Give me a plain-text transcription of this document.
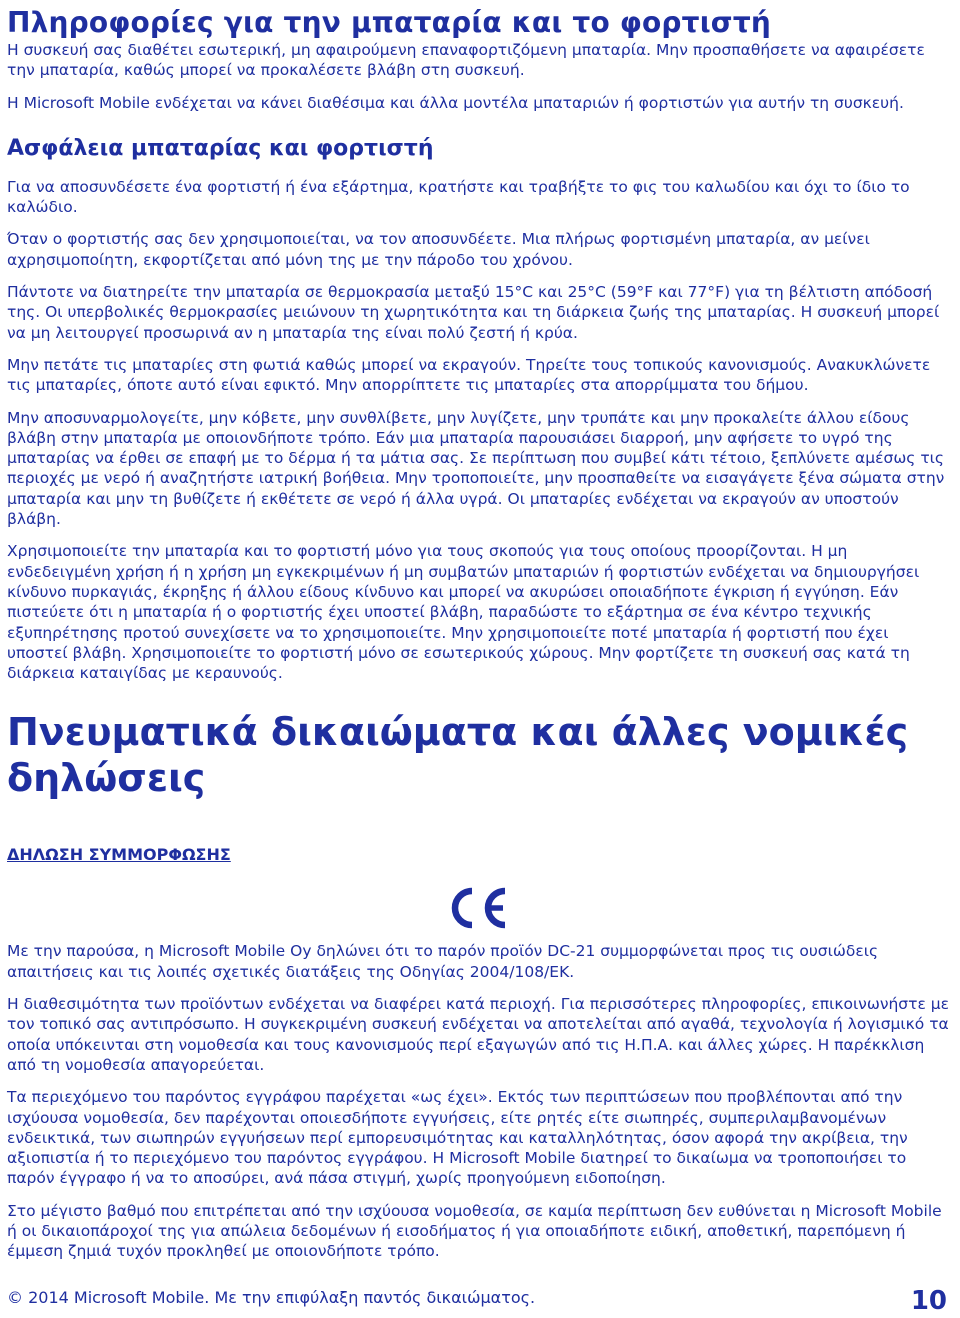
Πληροφορίες για την μπαταρία και το φορτιστή

Η συσκευή σας διαθέτει εσωτερική, μη αφαιρούμενη επαναφορτιζόμενη μπαταρία. Μην προσπαθήσετε να αφαιρέσετε την μπαταρία, καθώς μπορεί να προκαλέσετε βλάβη στη συσκευή.

Η Microsoft Mobile ενδέχεται να κάνει διαθέσιμα και άλλα μοντέλα μπαταριών ή φορτιστών για αυτήν τη συσκευή.

Ασφάλεια μπαταρίας και φορτιστή

Για να αποσυνδέσετε ένα φορτιστή ή ένα εξάρτημα, κρατήστε και τραβήξτε το φις του καλωδίου και όχι το ίδιο το καλώδιο.

Όταν ο φορτιστής σας δεν χρησιμοποιείται, να τον αποσυνδέετε. Μια πλήρως φορτισμένη μπαταρία, αν μείνει αχρησιμοποίητη, εκφορτίζεται από μόνη της με την πάροδο του χρόνου.

Πάντοτε να διατηρείτε την μπαταρία σε θερμοκρασία μεταξύ 15°C και 25°C (59°F και 77°F) για τη βέλτιστη απόδοσή της. Οι υπερβολικές θερμοκρασίες μειώνουν τη χωρητικότητα και τη διάρκεια ζωής της μπαταρίας. Η συσκευή μπορεί να μη λειτουργεί προσωρινά αν η μπαταρία της είναι πολύ ζεστή ή κρύα.

Μην πετάτε τις μπαταρίες στη φωτιά καθώς μπορεί να εκραγούν. Τηρείτε τους τοπικούς κανονισμούς. Ανακυκλώνετε τις μπαταρίες, όποτε αυτό είναι εφικτό. Μην απορρίπτετε τις μπαταρίες στα απορρίμματα του δήμου.

Μην αποσυναρμολογείτε, μην κόβετε, μην συνθλίβετε, μην λυγίζετε, μην τρυπάτε και μην προκαλείτε άλλου είδους βλάβη στην μπαταρία με οποιονδήποτε τρόπο. Εάν μια μπαταρία παρουσιάσει διαρροή, μην αφήσετε το υγρό της μπαταρίας να έρθει σε επαφή με το δέρμα ή τα μάτια σας. Σε περίπτωση που συμβεί κάτι τέτοιο, ξεπλύνετε αμέσως τις περιοχές με νερό ή αναζητήστε ιατρική βοήθεια. Μην τροποποιείτε, μην προσπαθείτε να εισαγάγετε ξένα σώματα στην μπαταρία και μην τη βυθίζετε ή εκθέτετε σε νερό ή άλλα υγρά. Οι μπαταρίες ενδέχεται να εκραγούν αν υποστούν βλάβη.

Χρησιμοποιείτε την μπαταρία και το φορτιστή μόνο για τους σκοπούς για τους οποίους προορίζονται. Η μη ενδεδειγμένη χρήση ή η χρήση μη εγκεκριμένων ή μη συμβατών μπαταριών ή φορτιστών ενδέχεται να δημιουργήσει κίνδυνο πυρκαγιάς, έκρηξης ή άλλου είδους κίνδυνο και μπορεί να ακυρώσει οποιαδήποτε έγκριση ή εγγύηση. Εάν πιστεύετε ότι η μπαταρία ή ο φορτιστής έχει υποστεί βλάβη, παραδώστε το εξάρτημα σε ένα κέντρο τεχνικής εξυπηρέτησης προτού συνεχίσετε να το χρησιμοποιείτε. Μην χρησιμοποιείτε ποτέ μπαταρία ή φορτιστή που έχει υποστεί βλάβη. Χρησιμοποιείτε το φορτιστή μόνο σε εσωτερικούς χώρους. Μην φορτίζετε τη συσκευή σας κατά τη διάρκεια καταιγίδας με κεραυνούς.

Πνευματικά δικαιώματα και άλλες νομικές δηλώσεις
ΔΗΛΩΣΗ ΣΥΜΜΟΡΦΩΣΗΣ

Με την παρούσα, η Microsoft Mobile Oy δηλώνει ότι το παρόν προϊόν DC-21 συμμορφώνεται προς τις ουσιώδεις απαιτήσεις και τις λοιπές σχετικές διατάξεις της Οδηγίας 2004/108/ΕΚ.

Η διαθεσιμότητα των προϊόντων ενδέχεται να διαφέρει κατά περιοχή. Για περισσότερες πληροφορίες, επικοινωνήστε με τον τοπικό σας αντιπρόσωπο. Η συγκεκριμένη συσκευή ενδέχεται να αποτελείται από αγαθά, τεχνολογία ή λογισμικό τα οποία υπόκεινται στη νομοθεσία και τους κανονισμούς περί εξαγωγών από τις Η.Π.Α. και άλλες χώρες. Η παρέκκλιση από τη νομοθεσία απαγορεύεται.

Τα περιεχόμενο του παρόντος εγγράφου παρέχεται «ως έχει». Εκτός των περιπτώσεων που προβλέπονται από την ισχύουσα νομοθεσία, δεν παρέχονται οποιεσδήποτε εγγυήσεις, είτε ρητές είτε σιωπηρές, συμπεριλαμβανομένων ενδεικτικά, των σιωπηρών εγγυήσεων περί εμπορευσιμότητας και καταλληλότητας, όσον αφορά την ακρίβεια, την αξιοπιστία ή το περιεχόμενο του παρόντος εγγράφου. Η Microsoft Mobile διατηρεί το δικαίωμα να τροποποιήσει το παρόν έγγραφο ή να το αποσύρει, ανά πάσα στιγμή, χωρίς προηγούμενη ειδοποίηση.

Στο μέγιστο βαθμό που επιτρέπεται από την ισχύουσα νομοθεσία, σε καμία περίπτωση δεν ευθύνεται η Microsoft Mobile ή οι δικαιοπάροχοί της για απώλεια δεδομένων ή εισοδήματος ή για οποιαδήποτε ειδική, αποθετική, παρεπόμενη ή έμμεση ζημιά τυχόν προκληθεί με οποιονδήποτε τρόπο.

© 2014 Microsoft Mobile. Με την επιφύλαξη παντός δικαιώματος.	10
